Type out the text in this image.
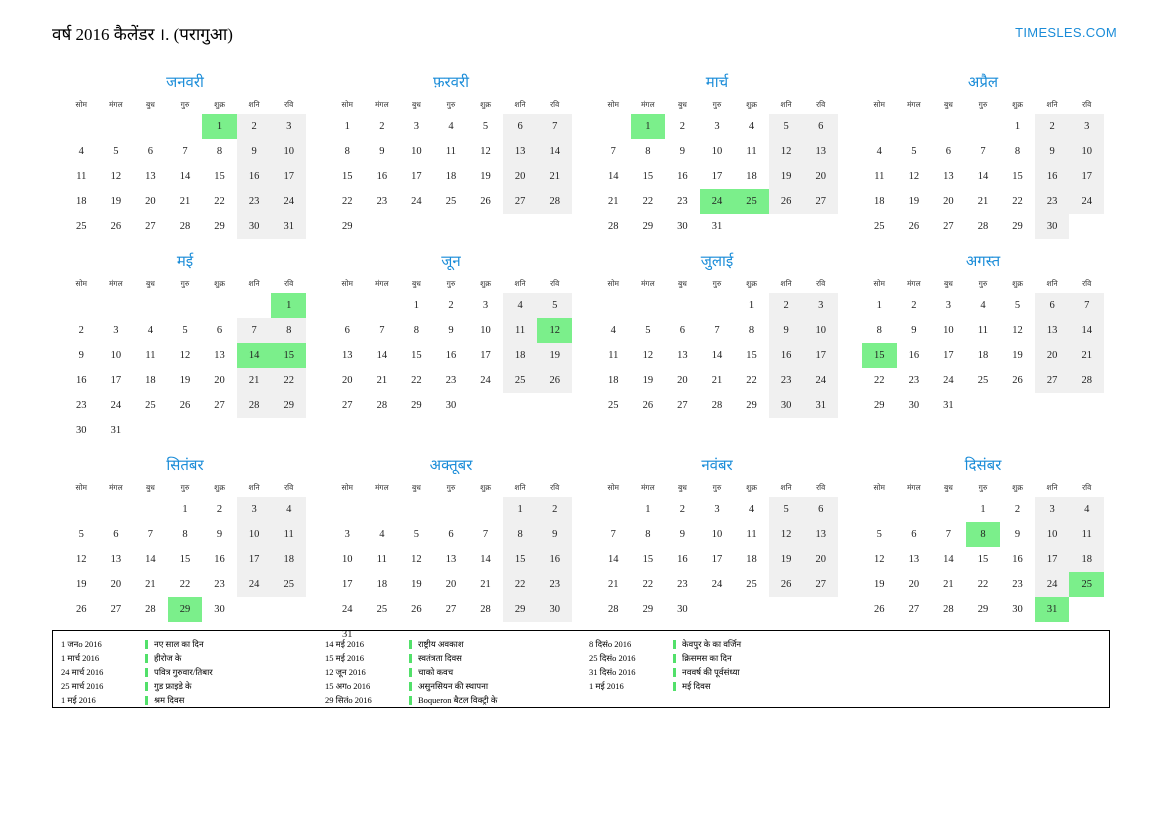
वर्ष 2016 कैलेंडर ।. (परागुआ)	TIMESLES.COM
जनवरी
सोम	मंगल	बुध	गुरु	शुक्र	शनि	रवि
				1	2	3
4	5	6	7	8	9	10
11	12	13	14	15	16	17
18	19	20	21	22	23	24
25	26	27	28	29	30	31
फ़रवरी
सोम	मंगल	बुध	गुरु	शुक्र	शनि	रवि
1	2	3	4	5	6	7
8	9	10	11	12	13	14
15	16	17	18	19	20	21
22	23	24	25	26	27	28
29						
मार्च
सोम	मंगल	बुध	गुरु	शुक्र	शनि	रवि
	1	2	3	4	5	6
7	8	9	10	11	12	13
14	15	16	17	18	19	20
21	22	23	24	25	26	27
28	29	30	31			
अप्रैल
सोम	मंगल	बुध	गुरु	शुक्र	शनि	रवि
				1	2	3
4	5	6	7	8	9	10
11	12	13	14	15	16	17
18	19	20	21	22	23	24
25	26	27	28	29	30	
मई
सोम	मंगल	बुध	गुरु	शुक्र	शनि	रवि
						1
2	3	4	5	6	7	8
9	10	11	12	13	14	15
16	17	18	19	20	21	22
23	24	25	26	27	28	29
30	31					
जून
सोम	मंगल	बुध	गुरु	शुक्र	शनि	रवि
		1	2	3	4	5
6	7	8	9	10	11	12
13	14	15	16	17	18	19
20	21	22	23	24	25	26
27	28	29	30			
जुलाई
सोम	मंगल	बुध	गुरु	शुक्र	शनि	रवि
				1	2	3
4	5	6	7	8	9	10
11	12	13	14	15	16	17
18	19	20	21	22	23	24
25	26	27	28	29	30	31
अगस्त
सोम	मंगल	बुध	गुरु	शुक्र	शनि	रवि
1	2	3	4	5	6	7
8	9	10	11	12	13	14
15	16	17	18	19	20	21
22	23	24	25	26	27	28
29	30	31				
सितंबर
सोम	मंगल	बुध	गुरु	शुक्र	शनि	रवि
			1	2	3	4
5	6	7	8	9	10	11
12	13	14	15	16	17	18
19	20	21	22	23	24	25
26	27	28	29	30		
अक्तूबर
सोम	मंगल	बुध	गुरु	शुक्र	शनि	रवि
					1	2
3	4	5	6	7	8	9
10	11	12	13	14	15	16
17	18	19	20	21	22	23
24	25	26	27	28	29	30
31						
नवंबर
सोम	मंगल	बुध	गुरु	शुक्र	शनि	रवि
	1	2	3	4	5	6
7	8	9	10	11	12	13
14	15	16	17	18	19	20
21	22	23	24	25	26	27
28	29	30				
दिसंबर
सोम	मंगल	बुध	गुरु	शुक्र	शनि	रवि
			1	2	3	4
5	6	7	8	9	10	11
12	13	14	15	16	17	18
19	20	21	22	23	24	25
26	27	28	29	30	31	
1 जनo 2016	नए साल का दिन
1 मार्च 2016	हीरोज के
24 मार्च 2016	पवित्र गुरुवार/तिबार
25 मार्च 2016	गुड फ्राइडे के
1 मई 2016	श्रम दिवस
14 मई 2016	राष्ट्रीय अवकाश
15 मई 2016	स्वतंत्रता दिवस
12 जून 2016	चाको कवच
15 अगo 2016	असुनसियन की स्थापना
29 सितंo 2016	Boqueron बैटल विक्ट्री के
8 दिसंo 2016	केवपुर के का वर्जिन
25 दिसंo 2016	क्रिसमस का दिन
31 दिसंo 2016	नववर्ष की पूर्वसंध्या
1 मई 2016	मई दिवस
